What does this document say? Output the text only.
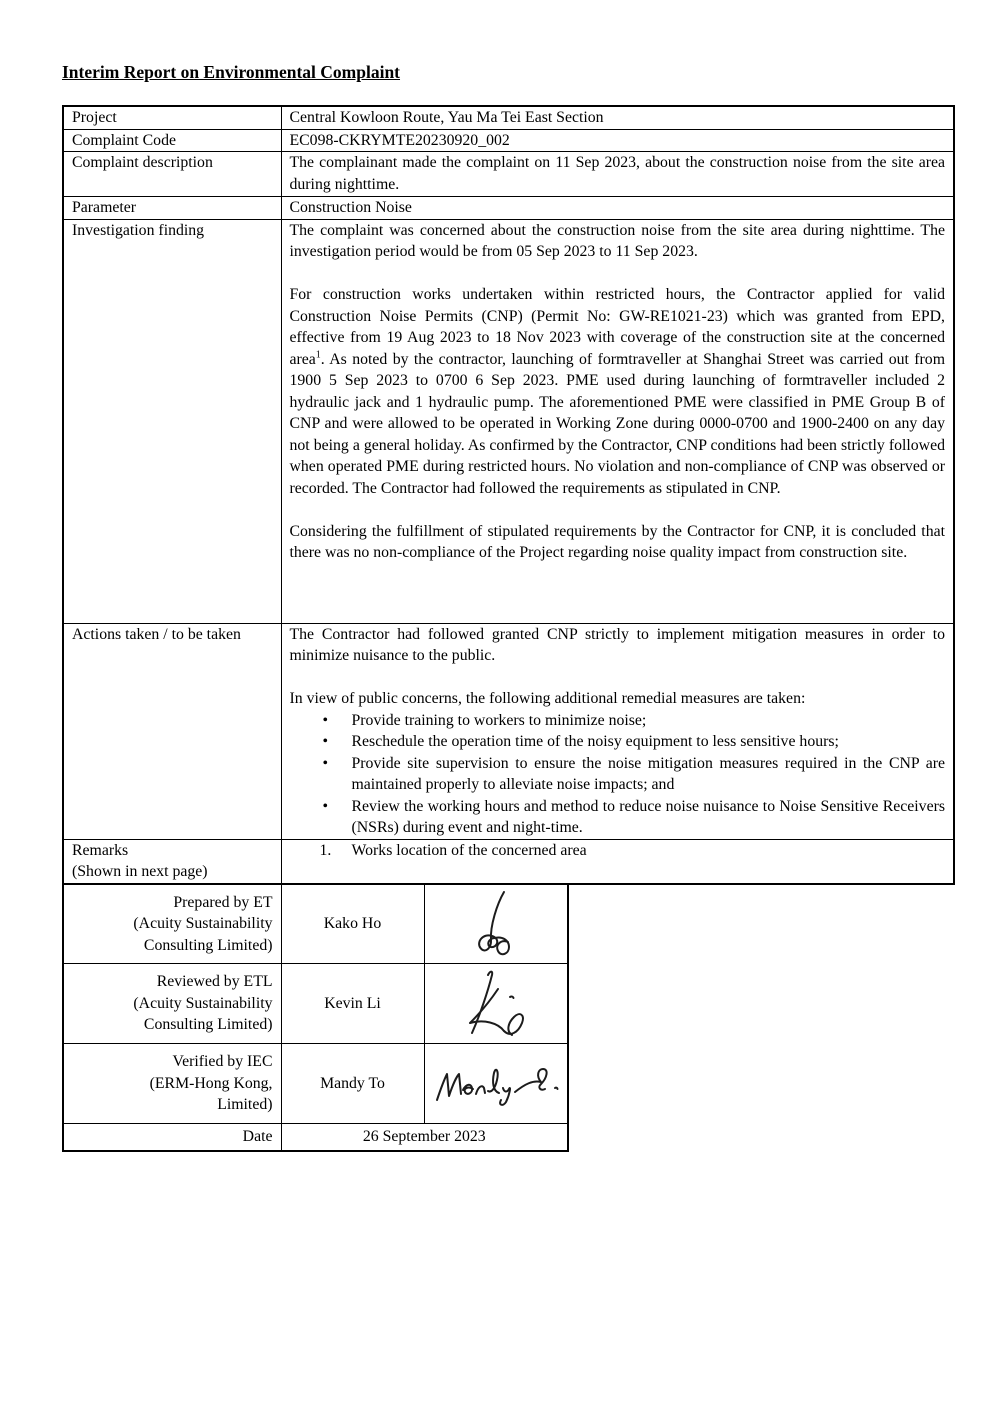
Interim Report on Environmental Complaint
Project	Central Kowloon Route, Yau Ma Tei East Section
Complaint Code	EC098-CKRYMTE20230920_002
Complaint description	The complainant made the complaint on 11 Sep 2023, about the construction noise from the site area during nighttime.
Parameter	Construction Noise
Investigation finding	The complaint was concerned about the construction noise from the site area during nighttime. The investigation period would be from 05 Sep 2023 to 11 Sep 2023.

For construction works undertaken within restricted hours, the Contractor applied for valid Construction Noise Permits (CNP) (Permit No: GW-RE1021-23) which was granted from EPD, effective from 19 Aug 2023 to 18 Nov 2023 with coverage of the construction site at the concerned area$^1$. As noted by the contractor, launching of formtraveller at Shanghai Street was carried out from 1900 5 Sep 2023 to 0700 6 Sep 2023. PME used during launching of formtraveller included 2 hydraulic jack and 1 hydraulic pump. The aforementioned PME were classified in PME Group B of CNP and were allowed to be operated in Working Zone during 0000-0700 and 1900-2400 on any day not being a general holiday. As confirmed by the Contractor, CNP conditions had been strictly followed when operated PME during restricted hours. No violation and non-compliance of CNP was observed or recorded. The Contractor had followed the requirements as stipulated in CNP.

Considering the fulfillment of stipulated requirements by the Contractor for CNP, it is concluded that there was no non-compliance of the Project regarding noise quality impact from construction site.

Actions taken / to be taken	The Contractor had followed granted CNP strictly to implement mitigation measures in order to minimize nuisance to the public.

In view of public concerns, the following additional remedial measures are taken:

• Provide training to workers to minimize noise;
• Reschedule the operation time of the noisy equipment to less sensitive hours;
• Provide site supervision to ensure the noise mitigation measures required in the CNP are maintained properly to alleviate noise impacts; and
• Review the working hours and method to reduce noise nuisance to Noise Sensitive Receivers (NSRs) during event and night-time.

Remarks
(Shown in next page)

1. Works location of the concerned area
Prepared by ET
(Acuity Sustainability
Consulting Limited)	Kako Ho	

Reviewed by ETL
(Acuity Sustainability
Consulting Limited)	Kevin Li	

Verified by IEC
(ERM-Hong Kong,
Limited)	Mandy To	
Date	26 September 2023	
